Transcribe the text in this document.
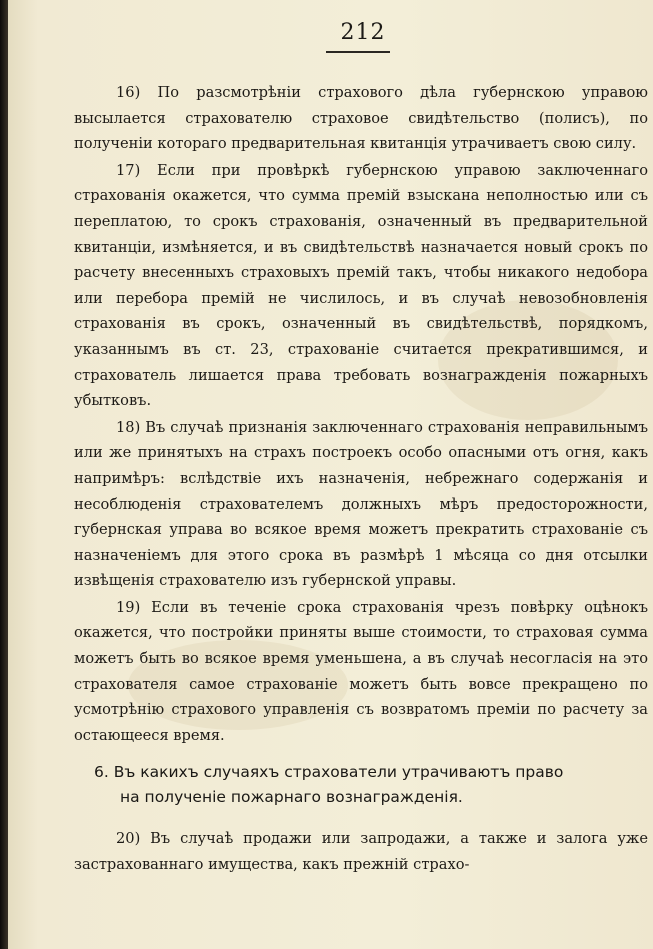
212

16) По разсмотрѣніи страхового дѣла губернскою управою высылается страхователю страховое свидѣтельство (полисъ), по полученіи котораго предварительная квитанція утрачиваетъ свою силу.

17) Если при провѣркѣ губернскою управою заключеннаго страхованія окажется, что сумма премій взыскана неполностью или съ переплатою, то срокъ страхованія, означенный въ предварительной квитанціи, измѣняется, и въ свидѣтельствѣ назначается новый срокъ по расчету внесенныхъ страховыхъ премій такъ, чтобы никакого недобора или перебора премій не числилось, и въ случаѣ невозобновленія страхованія въ срокъ, означенный въ свидѣтельствѣ, порядкомъ, указаннымъ въ ст. 23, страхованіе считается прекратившимся, и страхователь лишается права требовать вознагражденія пожарныхъ убытковъ.

18) Въ случаѣ признанія заключеннаго страхованія неправильнымъ или же принятыхъ на страхъ построекъ особо опасными отъ огня, какъ напримѣръ: вслѣдствіе ихъ назначенія, небрежнаго содержанія и несоблюденія страхователемъ должныхъ мѣръ предосторожности, губернская управа во всякое время можетъ прекратить страхованіе съ назначеніемъ для этого срока въ размѣрѣ 1 мѣсяца со дня отсылки извѣщенія страхователю изъ губернской управы.

19) Если въ теченіе срока страхованія чрезъ повѣрку оцѣнокъ окажется, что постройки приняты выше стоимости, то страховая сумма можетъ быть во всякое время уменьшена, а въ случаѣ несогласія на это страхователя самое страхованіе можетъ быть вовсе прекращено по усмотрѣнію страхового управленія съ возвратомъ преміи по расчету за остающееся время.

6. Въ какихъ случаяхъ страхователи утрачиваютъ право
на полученіе пожарнаго вознагражденія.

20) Въ случаѣ продажи или запродажи, а также и залога уже застрахованнаго имущества, какъ прежній страхо-
